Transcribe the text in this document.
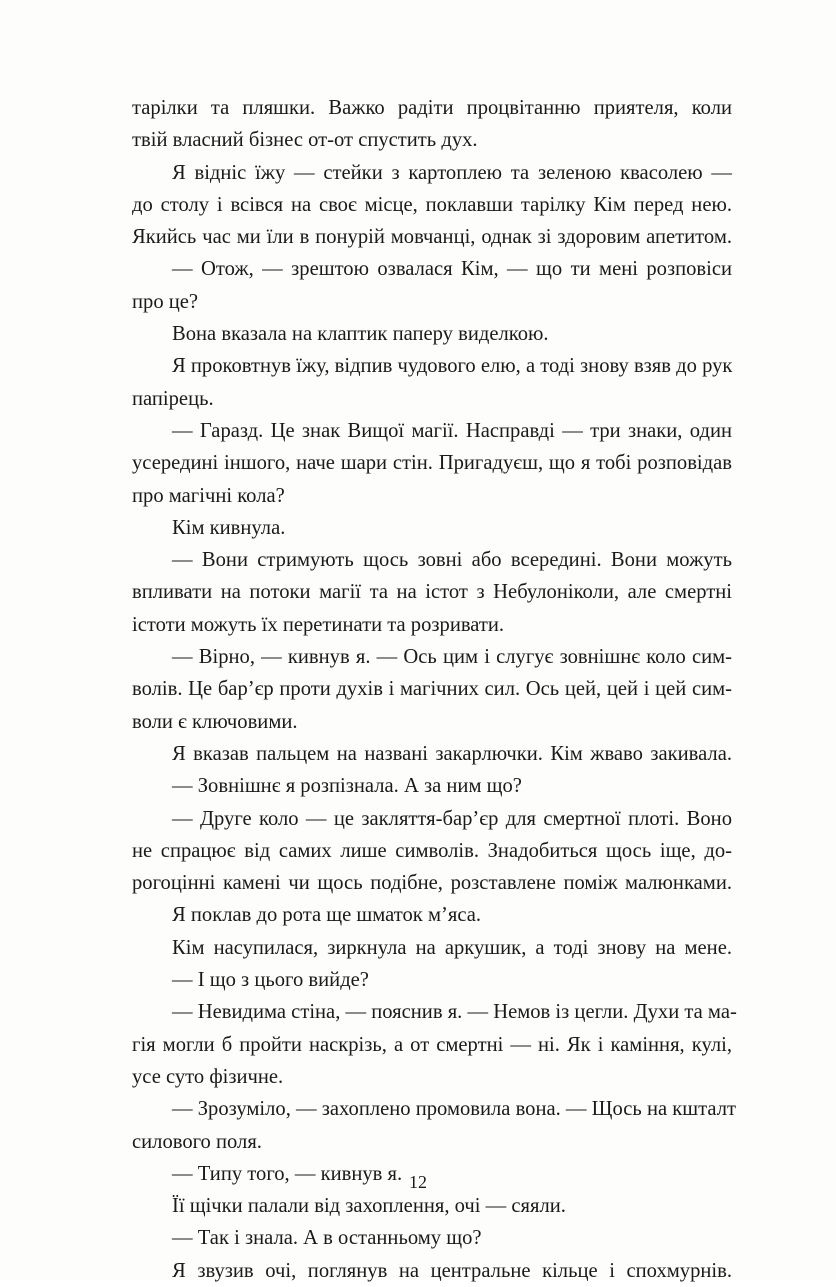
тарілки та пляшки. Важко радіти процвітанню приятеля, коли
твій власний бізнес от-от спустить дух.
Я відніс їжу — стейки з картоплею та зеленою квасолею —
до столу і всівся на своє місце, поклавши тарілку Кім перед нею.
Якийсь час ми їли в понурій мовчанці, однак зі здоровим апетитом.
— Отож, — зрештою озвалася Кім, — що ти мені розповіси
про це?
Вона вказала на клаптик паперу виделкою.
Я проковтнув їжу, відпив чудового елю, а тоді знову взяв до рук
папірець.
— Гаразд. Це знак Вищої магії. Насправді — три знаки, один
усередині іншого, наче шари стін. Пригадуєш, що я тобі розповідав
про магічні кола?
Кім кивнула.
— Вони стримують щось зовні або всередині. Вони можуть
впливати на потоки магії та на істот з Небулоніколи, але смертні
істоти можуть їх перетинати та розривати.
— Вірно, — кивнув я. — Ось цим і слугує зовнішнє коло сим-
волів. Це бар’єр проти духів і магічних сил. Ось цей, цей і цей сим-
воли є ключовими.
Я вказав пальцем на названі закарлючки. Кім жваво закивала.
— Зовнішнє я розпізнала. А за ним що?
— Друге коло — це закляття-бар’єр для смертної плоті. Воно
не спрацює від самих лише символів. Знадобиться щось іще, до-
рогоцінні камені чи щось подібне, розставлене поміж малюнками.
Я поклав до рота ще шматок м’яса.
Кім насупилася, зиркнула на аркушик, а тоді знову на мене.
— І що з цього вийде?
— Невидима стіна, — пояснив я. — Немов із цегли. Духи та ма-
гія могли б пройти наскрізь, а от смертні — ні. Як і каміння, кулі,
усе суто фізичне.
— Зрозуміло, — захоплено промовила вона. — Щось на кшталт
силового поля.
— Типу того, — кивнув я.
Її щічки палали від захоплення, очі — сяяли.
— Так і знала. А в останньому що?
Я звузив очі, поглянув на центральне кільце і спохмурнів.
12
